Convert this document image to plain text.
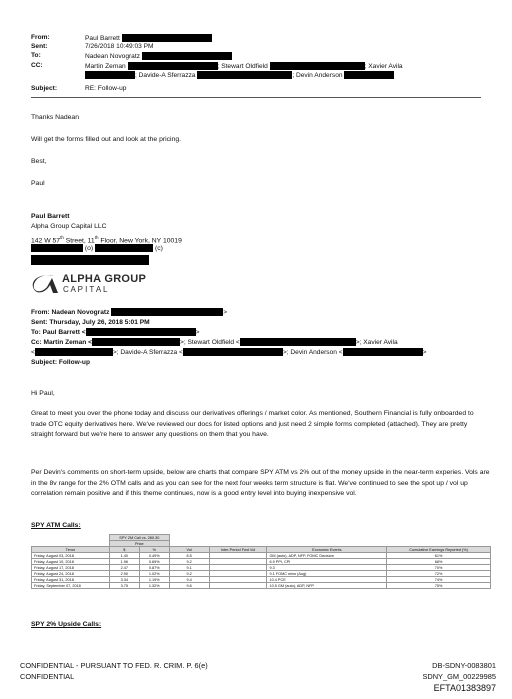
From:	Paul Barrett
Sent:	7/26/2018 10:49:03 PM
To:	Nadean Novogratz
CC:	Martin Zeman	; Stewart Oldfield	; Xavier Avila
; Davide-A Sferrazza	; Devin Anderson
Subject:	RE: Follow-up
Thanks Nadean
Will get the forms filled out and look at the pricing.
Best,
Paul
Paul Barrett
Alpha Group Capital LLC
142 W 57th Street, 11th Floor, New York, NY 10019
(o)	(c)
ALPHA GROUP
C A P I T A L
From: Nadean Novogratz	>
Sent: Thursday, July 26, 2018 5:01 PM
To: Paul Barrett <	>
Cc: Martin Zeman <	>; Stewart Oldfield <	>; Xavier Avila
<	>; Davide-A Sferrazza <	>; Devin Anderson <	>
Subject: Follow-up
Hi Paul,
Great to meet you over the phone today and discuss our derivatives offerings / market color. As mentioned, Southern Financial is fully onboarded to trade OTC equity derivatives here. We've reviewed our docs for listed options and just need 2 simple forms completed (attached). They are pretty straight forward but we're here to answer any questions on them that you have.
Per Devin's comments on short-term upside, below are charts that compare SPY ATM vs 2% out of the money upside in the near-term experies. Vols are in the 8v range for the 2% OTM calls and as you can see for the next four weeks term structure is flat. We've continued to see the spot up / vol up correlation remain positive and if this theme continues, now is a good entry level into buying inexpensive vol.
SPY ATM Calls:
	SPY 2M Call vs. 280.30					
	Price					
Tenor	$	%	Vol	Inter-Period Fwd Vol	Economic Events	Cumulative Earnings Reported (%)
Friday, August 03, 2018	1.40	0.49%	8.5		GM (auto), ADP, NFP, FOMC Decision	61%
Friday, August 10, 2018	1.96	0.69%	9.2		6.9 PPI, CPI	68%
Friday, August 17, 2018	2.47	0.87%	9.1		9.3	70%
Friday, August 24, 2018	2.90	1.02%	9.2		9.1 FOMC mins (Aug)	72%
Friday, August 31, 2018	3.34	1.19%	9.4		10.4 PCE	74%
Friday, September 07, 2018	3.75	1.32%	9.6		10.5 GM (auto), ADP, NFP	75%
SPY 2% Upside Calls:
CONFIDENTIAL - PURSUANT TO FED. R. CRIM. P. 6(e)
CONFIDENTIAL
DB-SDNY-0083801
SDNY_GM_00229985
EFTA01383897
